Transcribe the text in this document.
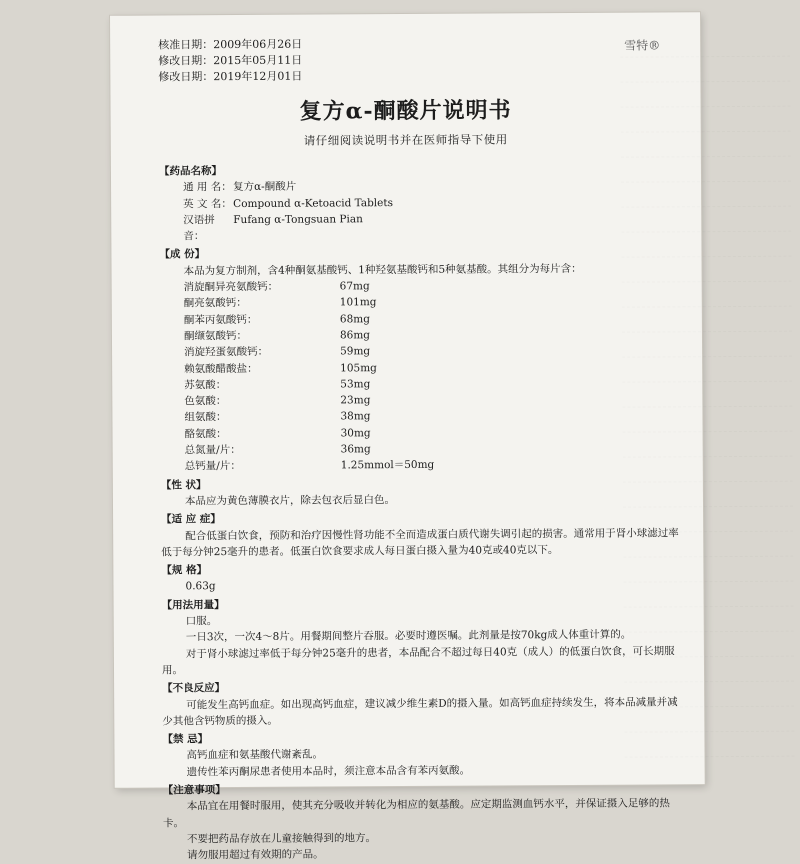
核准日期：2009年06月26日
修改日期：2015年05月11日
修改日期：2019年12月01日
雪特®
复方α-酮酸片说明书
请仔细阅读说明书并在医师指导下使用
【药品名称】
通 用 名： 复方α-酮酸片
英 文 名： Compound α-Ketoacid Tablets
汉语拼音：
Fufang α-Tongsuan Pian
【成 份】
本品为复方制剂，含4种酮氨基酸钙、1种羟氨基酸钙和5种氨基酸。其组分为每片含：
消旋酮异亮氨酸钙：	67mg
酮亮氨酸钙：	101mg
酮苯丙氨酸钙：	68mg
酮缬氨酸钙：	86mg
消旋羟蛋氨酸钙：	59mg
赖氨酸醋酸盐：	105mg
苏氨酸：	53mg
色氨酸：	23mg
组氨酸：	38mg
酪氨酸：	30mg
总氮量/片：	36mg
总钙量/片：	1.25mmol＝50mg
【性 状】
本品应为黄色薄膜衣片，除去包衣后显白色。
【适 应 症】
配合低蛋白饮食，预防和治疗因慢性肾功能不全而造成蛋白质代谢失调引起的损害。通常用于肾小球滤过率低于每分钟25毫升的患者。低蛋白饮食要求成人每日蛋白摄入量为40克或40克以下。
【规 格】
0.63g
【用法用量】
口服。
一日3次，一次4～8片。用餐期间整片吞服。必要时遵医嘱。此剂量是按70kg成人体重计算的。
对于肾小球滤过率低于每分钟25毫升的患者，本品配合不超过每日40克（成人）的低蛋白饮食，可长期服用。
【不良反应】
可能发生高钙血症。如出现高钙血症，建议减少维生素D的摄入量。如高钙血症持续发生，将本品减量并减少其他含钙物质的摄入。
【禁 忌】
高钙血症和氨基酸代谢紊乱。
遗传性苯丙酮尿患者使用本品时，须注意本品含有苯丙氨酸。
【注意事项】
本品宜在用餐时服用，使其充分吸收并转化为相应的氨基酸。应定期监测血钙水平，并保证摄入足够的热卡。
不要把药品存放在儿童接触得到的地方。
请勿服用超过有效期的产品。
